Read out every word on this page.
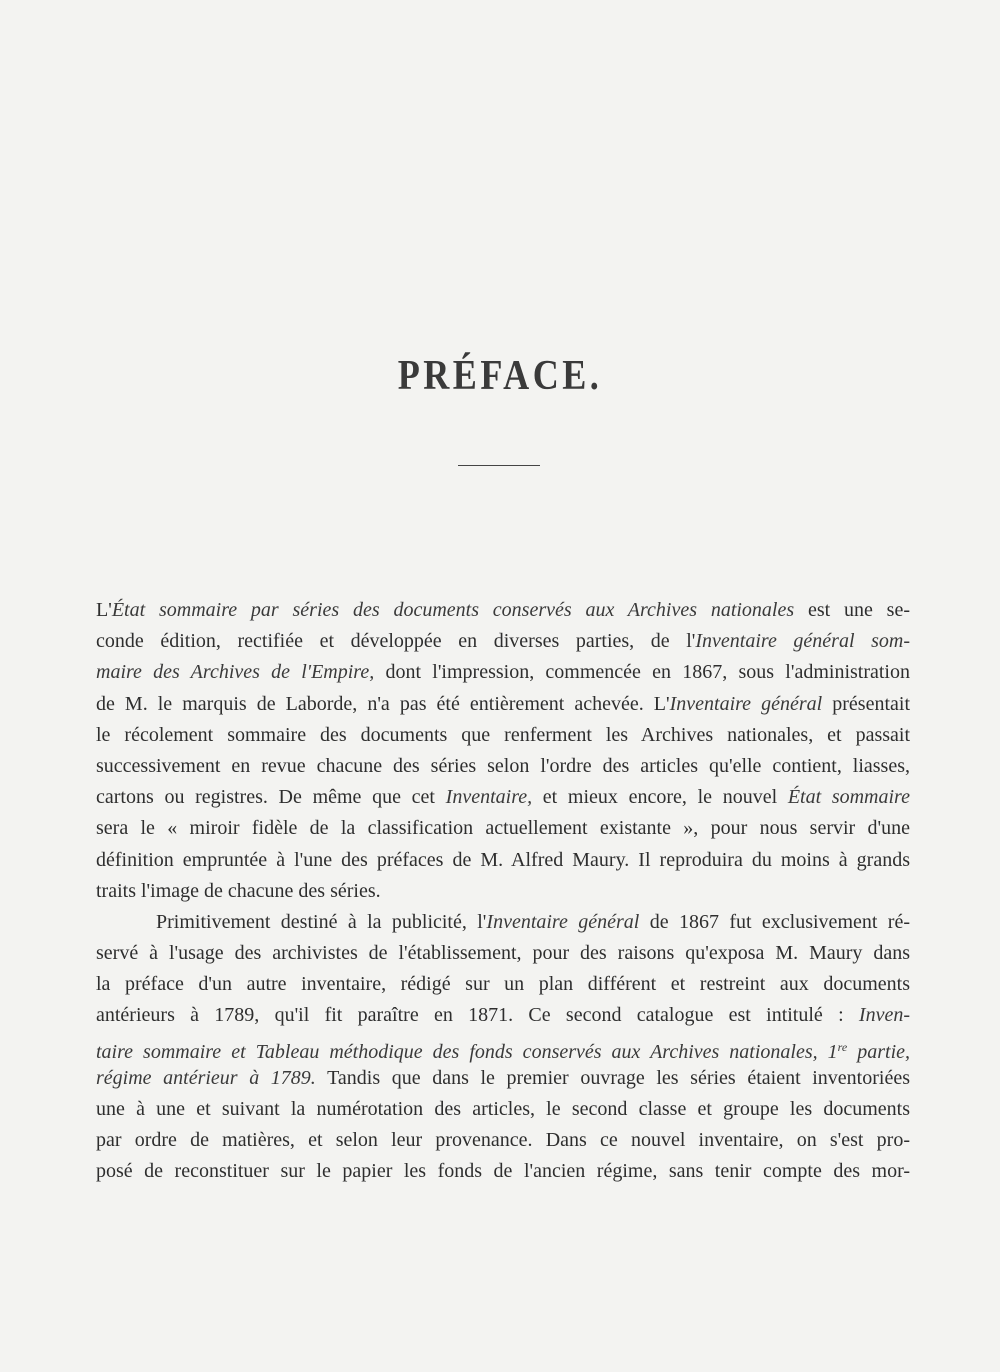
PRÉFACE.
L'État sommaire par séries des documents conservés aux Archives nationales est une se-
conde édition, rectifiée et développée en diverses parties, de l'Inventaire général som-
maire des Archives de l'Empire, dont l'impression, commencée en 1867, sous l'administration
de M. le marquis de Laborde, n'a pas été entièrement achevée. L'Inventaire général présentait
le récolement sommaire des documents que renferment les Archives nationales, et passait
successivement en revue chacune des séries selon l'ordre des articles qu'elle contient, liasses,
cartons ou registres. De même que cet Inventaire, et mieux encore, le nouvel État sommaire
sera le « miroir fidèle de la classification actuellement existante », pour nous servir d'une
définition empruntée à l'une des préfaces de M. Alfred Maury. Il reproduira du moins à grands
traits l'image de chacune des séries.
Primitivement destiné à la publicité, l'Inventaire général de 1867 fut exclusivement ré-
servé à l'usage des archivistes de l'établissement, pour des raisons qu'exposa M. Maury dans
la préface d'un autre inventaire, rédigé sur un plan différent et restreint aux documents
antérieurs à 1789, qu'il fit paraître en 1871. Ce second catalogue est intitulé : Inven-
taire sommaire et Tableau méthodique des fonds conservés aux Archives nationales, 1re partie,
régime antérieur à 1789. Tandis que dans le premier ouvrage les séries étaient inventoriées
une à une et suivant la numérotation des articles, le second classe et groupe les documents
par ordre de matières, et selon leur provenance. Dans ce nouvel inventaire, on s'est pro-
posé de reconstituer sur le papier les fonds de l'ancien régime, sans tenir compte des mor-
